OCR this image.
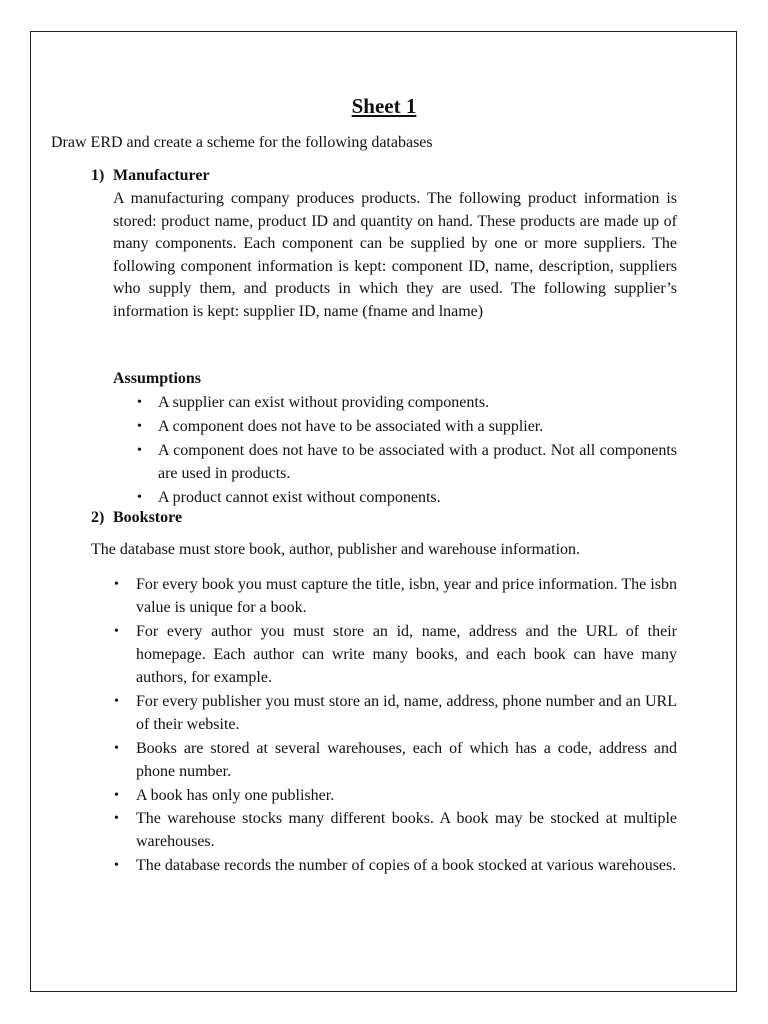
Sheet 1
Draw ERD and create a scheme for the following databases
1) Manufacturer
A manufacturing company produces products. The following product information is stored: product name, product ID and quantity on hand. These products are made up of many components. Each component can be supplied by one or more suppliers. The following component information is kept: component ID, name, description, suppliers who supply them, and products in which they are used. The following supplier’s information is kept: supplier ID, name (fname and lname)
Assumptions
• A supplier can exist without providing components.
• A component does not have to be associated with a supplier.
• A component does not have to be associated with a product. Not all components are used in products.
• A product cannot exist without components.
2) Bookstore
The database must store book, author, publisher and warehouse information.
• For every book you must capture the title, isbn, year and price information. The isbn value is unique for a book.
• For every author you must store an id, name, address and the URL of their homepage. Each author can write many books, and each book can have many authors, for example.
• For every publisher you must store an id, name, address, phone number and an URL of their website.
• Books are stored at several warehouses, each of which has a code, address and phone number.
• A book has only one publisher.
• The warehouse stocks many different books. A book may be stocked at multiple warehouses.
• The database records the number of copies of a book stocked at various warehouses.
